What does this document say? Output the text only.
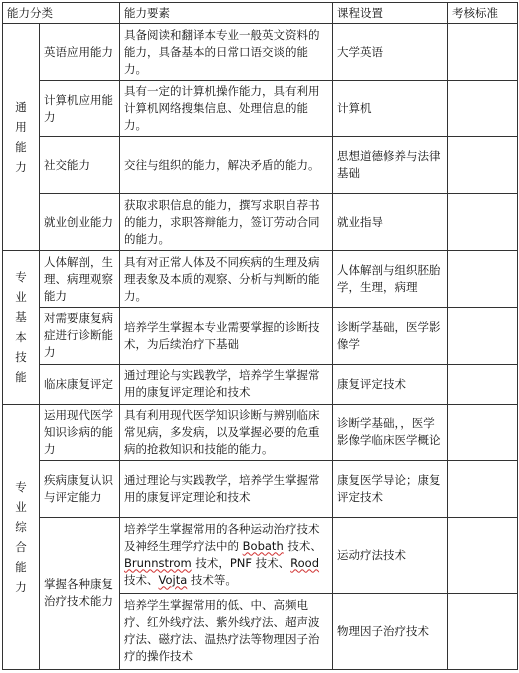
能力分类		能力要素	课程设置	考核标准

通用能力	英语应用能力	具备阅读和翻译本专业一般英文资料的能力，具备基本的日常口语交谈的能力。	大学英语	
	计算机应用能力	具有一定的计算机操作能力，具有利用计算机网络搜集信息、处理信息的能力。	计算机	
	社交能力	交往与组织的能力，解决矛盾的能力。	思想道德修养与法律基础	
	就业创业能力	获取求职信息的能力，撰写求职自荐书的能力，求职答辩能力，签订劳动合同的能力。	就业指导	

专业基本技能	人体解剖，生理、病理观察能力	具有对正常人体及不同疾病的生理及病理表象及本质的观察、分析与判断的能力。	人体解剖与组织胚胎学，生理，病理	
	对需要康复病症进行诊断能力	培养学生掌握本专业需要掌握的诊断技术，为后续治疗下基础	诊断学基础，医学影像学	
	临床康复评定	通过理论与实践教学，培养学生掌握常用的康复评定理论和技术	康复评定技术	

专业综合能力	运用现代医学知识诊病的能力	具有利用现代医学知识诊断与辨别临床常见病，多发病，以及掌握必要的危重病的抢救知识和技能的能力。	诊断学基础，，医学影像学临床医学概论	
	疾病康复认识与评定能力	通过理论与实践教学，培养学生掌握常用的康复评定理论和技术	康复医学导论；康复评定技术	
	掌握各种康复治疗技术能力	培养学生掌握常用的各种运动治疗技术及神经生理学疗法中的 Bobath 技术、Brunnstrom 技术，PNF 技术、Rood 技术、Vojta 技术等。	运动疗法技术	
		培养学生掌握常用的低、中、高频电疗、红外线疗法、紫外线疗法、超声波疗法、磁疗法、温热疗法等物理因子治疗的操作技术	物理因子治疗技术	
